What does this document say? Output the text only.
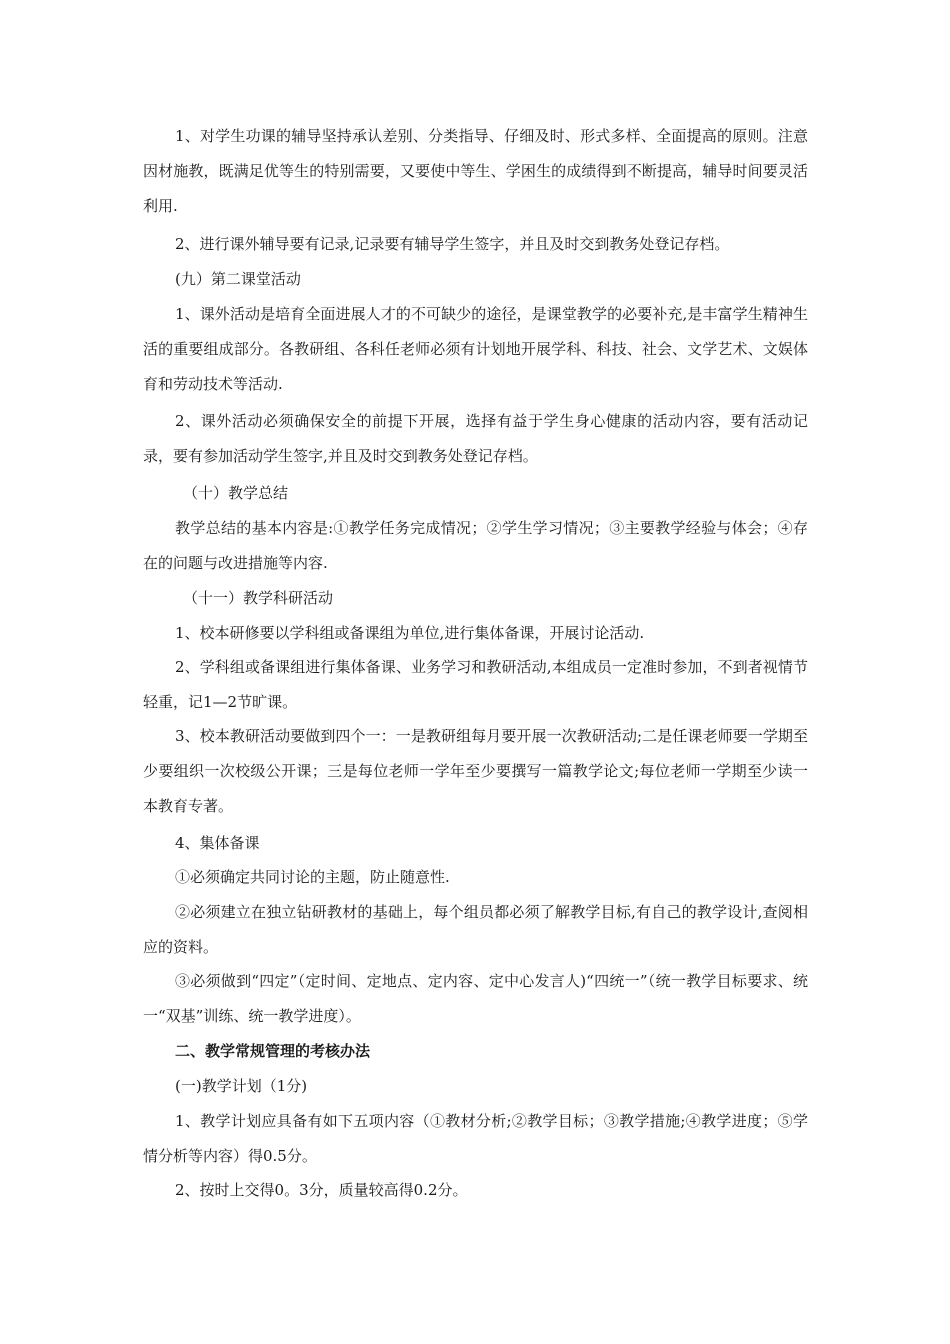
1、对学生功课的辅导坚持承认差别、分类指导、仔细及时、形式多样、全面提高的原则。注意因材施教，既满足优等生的特别需要，又要使中等生、学困生的成绩得到不断提高，辅导时间要灵活利用.

2、进行课外辅导要有记录,记录要有辅导学生签字，并且及时交到教务处登记存档。

(九）第二课堂活动

1、课外活动是培育全面进展人才的不可缺少的途径，是课堂教学的必要补充,是丰富学生精神生活的重要组成部分。各教研组、各科任老师必须有计划地开展学科、科技、社会、文学艺术、文娱体育和劳动技术等活动.

2、课外活动必须确保安全的前提下开展，选择有益于学生身心健康的活动内容，要有活动记录，要有参加活动学生签字,并且及时交到教务处登记存档。

（十）教学总结

教学总结的基本内容是:①教学任务完成情况；②学生学习情况；③主要教学经验与体会；④存在的问题与改进措施等内容.

（十一）教学科研活动

1、校本研修要以学科组或备课组为单位,进行集体备课，开展讨论活动.

2、学科组或备课组进行集体备课、业务学习和教研活动,本组成员一定准时参加，不到者视情节轻重，记1—2节旷课。

3、校本教研活动要做到四个一：一是教研组每月要开展一次教研活动;二是任课老师要一学期至少要组织一次校级公开课；三是每位老师一学年至少要撰写一篇教学论文;每位老师一学期至少读一本教育专著。

4、集体备课

①必须确定共同讨论的主题，防止随意性.

②必须建立在独立钻研教材的基础上，每个组员都必须了解教学目标,有自己的教学设计,查阅相应的资料。

③必须做到“四定”（定时间、定地点、定内容、定中心发言人)“四统一”（统一教学目标要求、统一“双基”训练、统一教学进度）。

二、教学常规管理的考核办法

(一)教学计划（1分)

1、教学计划应具备有如下五项内容（①教材分析;②教学目标；③教学措施;④教学进度；⑤学情分析等内容）得0.5分。

2、按时上交得0。3分，质量较高得0.2分。
